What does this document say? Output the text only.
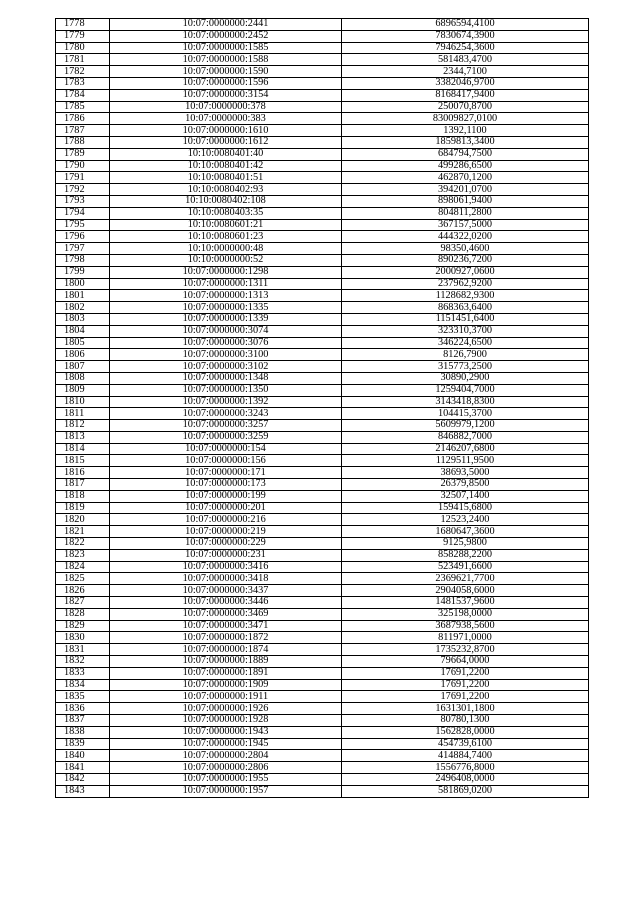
1778	10:07:0000000:2441	6896594,4100
1779	10:07:0000000:2452	7830674,3900
1780	10:07:0000000:1585	7946254,3600
1781	10:07:0000000:1588	581483,4700
1782	10:07:0000000:1590	2344,7100
1783	10:07:0000000:1596	3382046,9700
1784	10:07:0000000:3154	8168417,9400
1785	10:07:0000000:378	250070,8700
1786	10:07:0000000:383	83009827,0100
1787	10:07:0000000:1610	1392,1100
1788	10:07:0000000:1612	1859813,3400
1789	10:10:0080401:40	684794,7500
1790	10:10:0080401:42	499286,6500
1791	10:10:0080401:51	462870,1200
1792	10:10:0080402:93	394201,0700
1793	10:10:0080402:108	898061,9400
1794	10:10:0080403:35	804811,2800
1795	10:10:0080601:21	367157,5000
1796	10:10:0080601:23	444322,0200
1797	10:10:0000000:48	98350,4600
1798	10:10:0000000:52	890236,7200
1799	10:07:0000000:1298	2000927,0600
1800	10:07:0000000:1311	237962,9200
1801	10:07:0000000:1313	1128682,9300
1802	10:07:0000000:1335	868363,6400
1803	10:07:0000000:1339	1151451,6400
1804	10:07:0000000:3074	323310,3700
1805	10:07:0000000:3076	346224,6500
1806	10:07:0000000:3100	8126,7900
1807	10:07:0000000:3102	315773,2500
1808	10:07:0000000:1348	30890,2900
1809	10:07:0000000:1350	1259404,7000
1810	10:07:0000000:1392	3143418,8300
1811	10:07:0000000:3243	104415,3700
1812	10:07:0000000:3257	5609979,1200
1813	10:07:0000000:3259	846882,7000
1814	10:07:0000000:154	2146207,6800
1815	10:07:0000000:156	1129511,9500
1816	10:07:0000000:171	38693,5000
1817	10:07:0000000:173	26379,8500
1818	10:07:0000000:199	32507,1400
1819	10:07:0000000:201	159415,6800
1820	10:07:0000000:216	12523,2400
1821	10:07:0000000:219	1680647,3600
1822	10:07:0000000:229	9125,9800
1823	10:07:0000000:231	858288,2200
1824	10:07:0000000:3416	523491,6600
1825	10:07:0000000:3418	2369621,7700
1826	10:07:0000000:3437	2904058,6000
1827	10:07:0000000:3446	1481537,9600
1828	10:07:0000000:3469	325198,0000
1829	10:07:0000000:3471	3687938,5600
1830	10:07:0000000:1872	811971,0000
1831	10:07:0000000:1874	1735232,8700
1832	10:07:0000000:1889	79664,0000
1833	10:07:0000000:1891	17691,2200
1834	10:07:0000000:1909	17691,2200
1835	10:07:0000000:1911	17691,2200
1836	10:07:0000000:1926	1631301,1800
1837	10:07:0000000:1928	80780,1300
1838	10:07:0000000:1943	1562828,0000
1839	10:07:0000000:1945	454739,6100
1840	10:07:0000000:2804	414884,7400
1841	10:07:0000000:2806	1556776,8000
1842	10:07:0000000:1955	2496408,0000
1843	10:07:0000000:1957	581869,0200
